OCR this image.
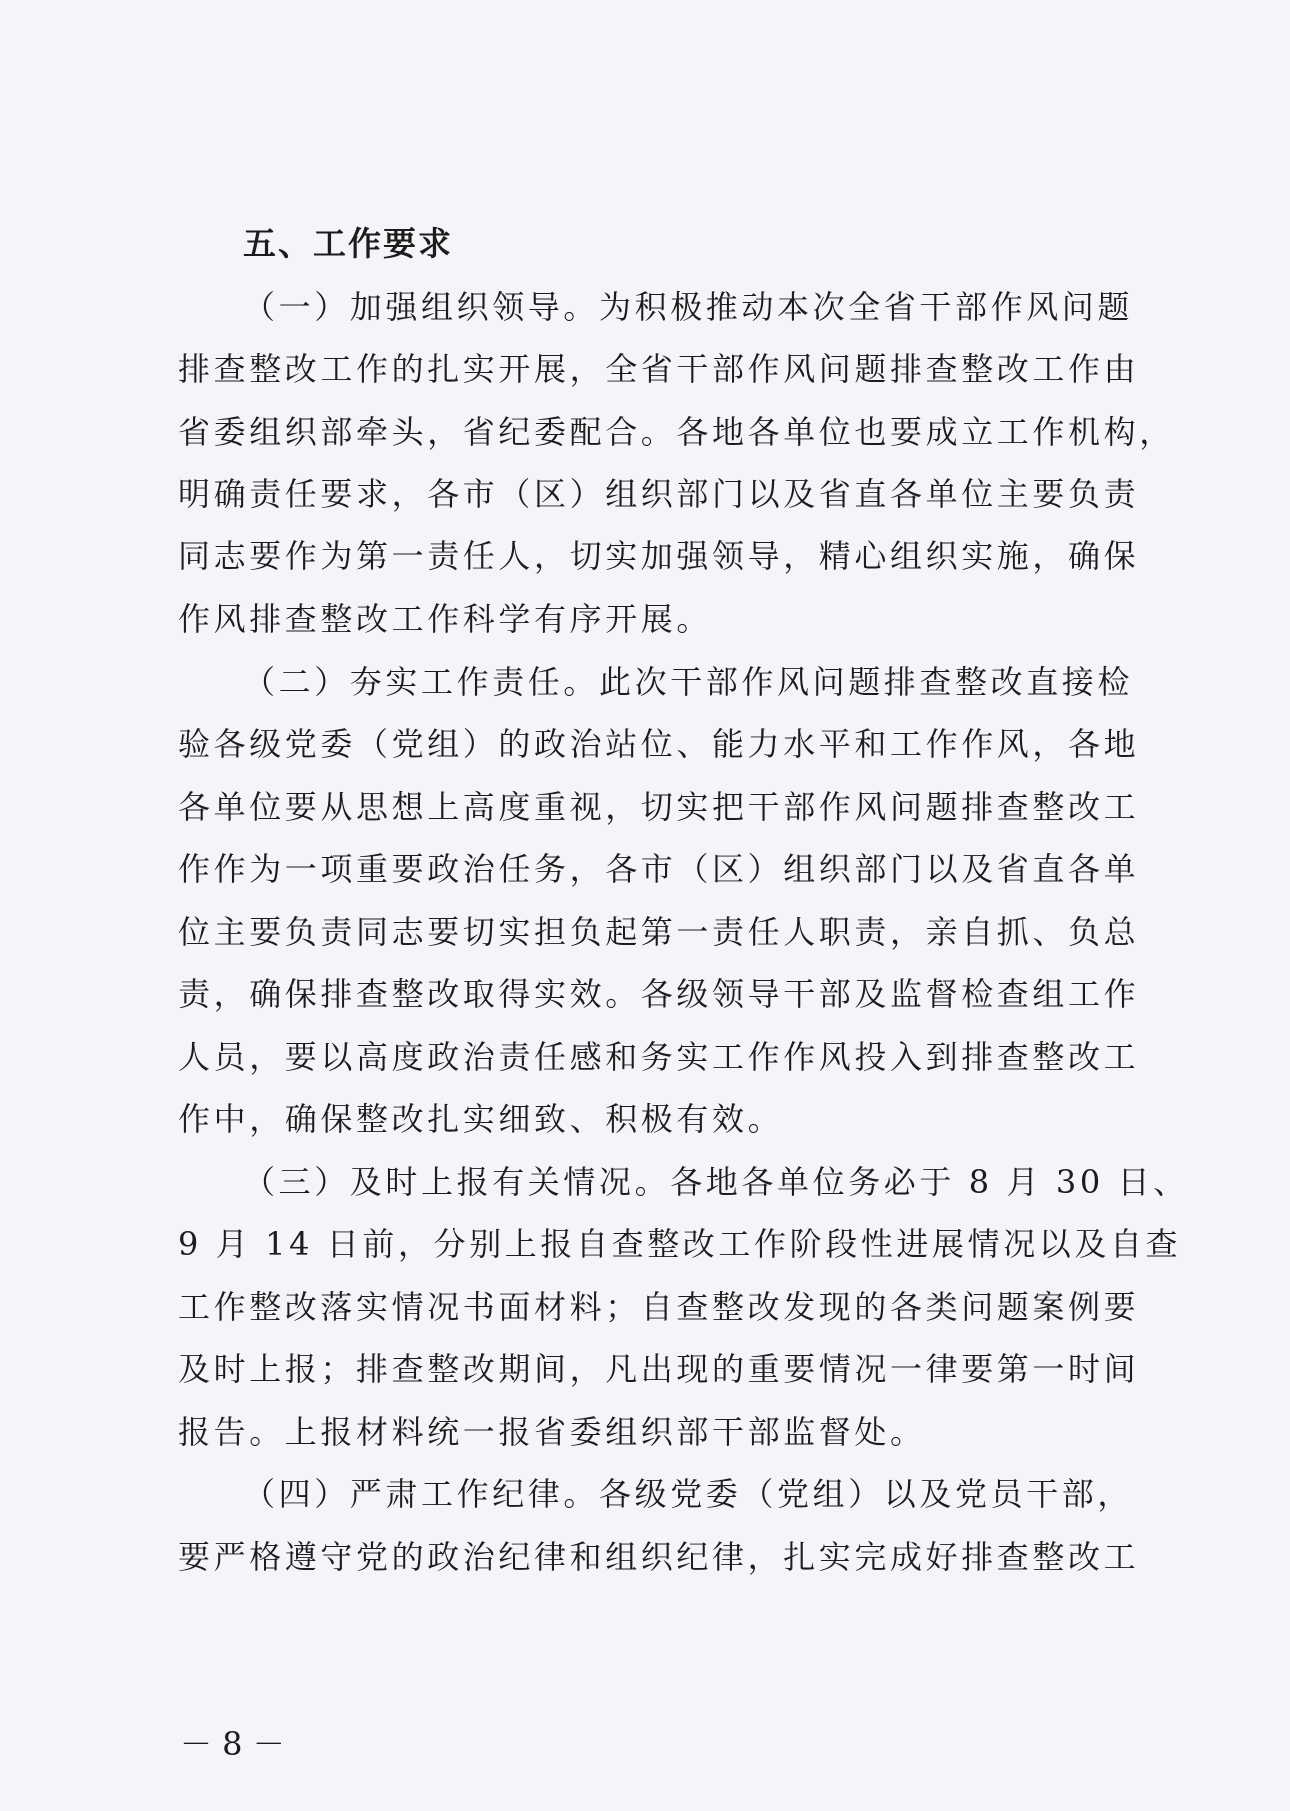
五、工作要求
（一）加强组织领导。为积极推动本次全省干部作风问题
排查整改工作的扎实开展，全省干部作风问题排查整改工作由
省委组织部牵头，省纪委配合。各地各单位也要成立工作机构，
明确责任要求，各市（区）组织部门以及省直各单位主要负责
同志要作为第一责任人，切实加强领导，精心组织实施，确保
作风排查整改工作科学有序开展。
（二）夯实工作责任。此次干部作风问题排查整改直接检
验各级党委（党组）的政治站位、能力水平和工作作风，各地
各单位要从思想上高度重视，切实把干部作风问题排查整改工
作作为一项重要政治任务，各市（区）组织部门以及省直各单
位主要负责同志要切实担负起第一责任人职责，亲自抓、负总
责，确保排查整改取得实效。各级领导干部及监督检查组工作
人员，要以高度政治责任感和务实工作作风投入到排查整改工
作中，确保整改扎实细致、积极有效。
（三）及时上报有关情况。各地各单位务必于 8 月 30 日、
9 月 14 日前，分别上报自查整改工作阶段性进展情况以及自查
工作整改落实情况书面材料；自查整改发现的各类问题案例要
及时上报；排查整改期间，凡出现的重要情况一律要第一时间
报告。上报材料统一报省委组织部干部监督处。
（四）严肃工作纪律。各级党委（党组）以及党员干部，
要严格遵守党的政治纪律和组织纪律，扎实完成好排查整改工
－ 8 －
